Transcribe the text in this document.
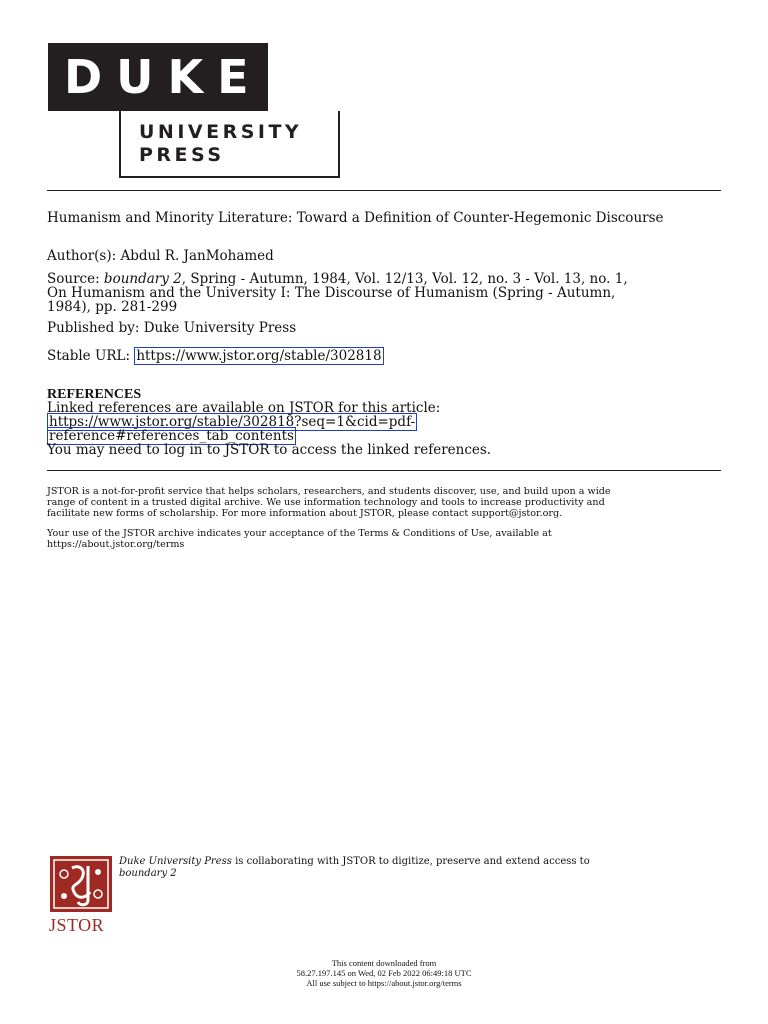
DUKE
UNIVERSITY
PRESS
Humanism and Minority Literature: Toward a Definition of Counter-Hegemonic Discourse
Author(s): Abdul R. JanMohamed
Source: boundary 2, Spring - Autumn, 1984, Vol. 12/13, Vol. 12, no. 3 - Vol. 13, no. 1,
On Humanism and the University I: The Discourse of Humanism (Spring - Autumn,
1984), pp. 281-299
Published by: Duke University Press
Stable URL: https://www.jstor.org/stable/302818
REFERENCES
Linked references are available on JSTOR for this article:
https://www.jstor.org/stable/302818?seq=1&cid=pdf-
reference#references_tab_contents
You may need to log in to JSTOR to access the linked references.
JSTOR is a not-for-profit service that helps scholars, researchers, and students discover, use, and build upon a wide
range of content in a trusted digital archive. We use information technology and tools to increase productivity and
facilitate new forms of scholarship. For more information about JSTOR, please contact support@jstor.org.
Your use of the JSTOR archive indicates your acceptance of the Terms & Conditions of Use, available at
https://about.jstor.org/terms
JSTOR
Duke University Press is collaborating with JSTOR to digitize, preserve and extend access to
boundary 2
This content downloaded from
58.27.197.145 on Wed, 02 Feb 2022 06:49:18 UTC
All use subject to https://about.jstor.org/terms
